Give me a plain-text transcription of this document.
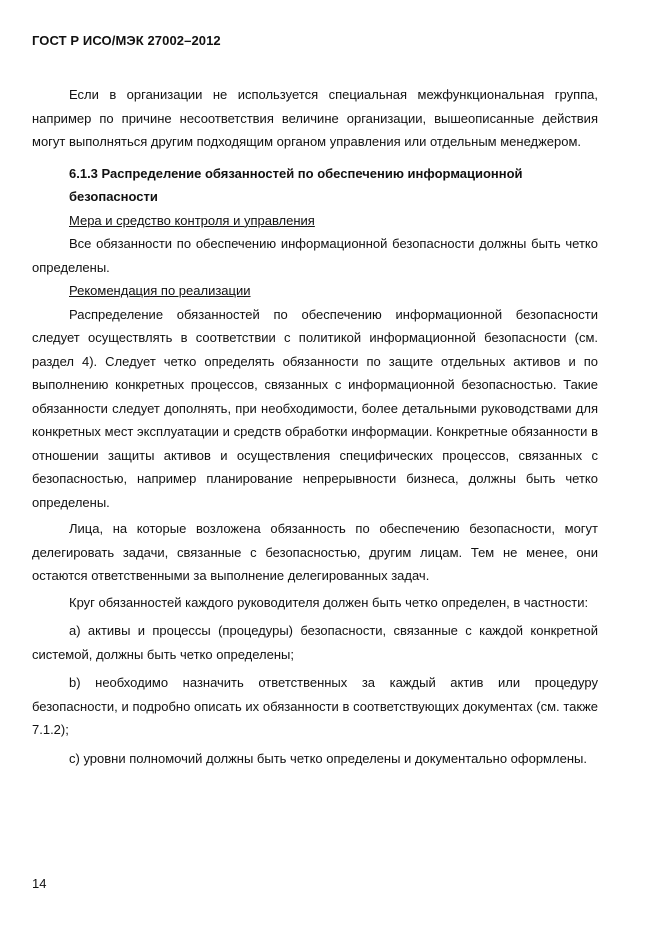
ГОСТ Р ИСО/МЭК 27002–2012

Если в организации не используется специальная межфункциональная группа, например по причине несоответствия величине организации, вышеописанные действия могут выполняться другим подходящим органом управления или отдельным менеджером.

6.1.3 Распределение обязанностей по обеспечению информационной безопасности

Мера и средство контроля и управления

Все обязанности по обеспечению информационной безопасности должны быть четко определены.

Рекомендация по реализации

Распределение обязанностей по обеспечению информационной безопасности следует осуществлять в соответствии с политикой информационной безопасности (см. раздел 4). Следует четко определять обязанности по защите отдельных активов и по выполнению конкретных процессов, связанных с информационной безопасностью. Такие обязанности следует дополнять, при необходимости, более детальными руководствами для конкретных мест эксплуатации и средств обработки информации. Конкретные обязанности в отношении защиты активов и осуществления специфических процессов, связанных с безопасностью, например планирование непрерывности бизнеса, должны быть четко определены.

Лица, на которые возложена обязанность по обеспечению безопасности, могут делегировать задачи, связанные с безопасностью, другим лицам. Тем не менее, они остаются ответственными за выполнение делегированных задач.

Круг обязанностей каждого руководителя должен быть четко определен, в частности:

a) активы и процессы (процедуры) безопасности, связанные с каждой конкретной системой, должны быть четко определены;

b) необходимо назначить ответственных за каждый актив или процедуру безопасности, и подробно описать их обязанности в соответствующих документах (см. также 7.1.2);

c) уровни полномочий должны быть четко определены и документально оформлены.

14
